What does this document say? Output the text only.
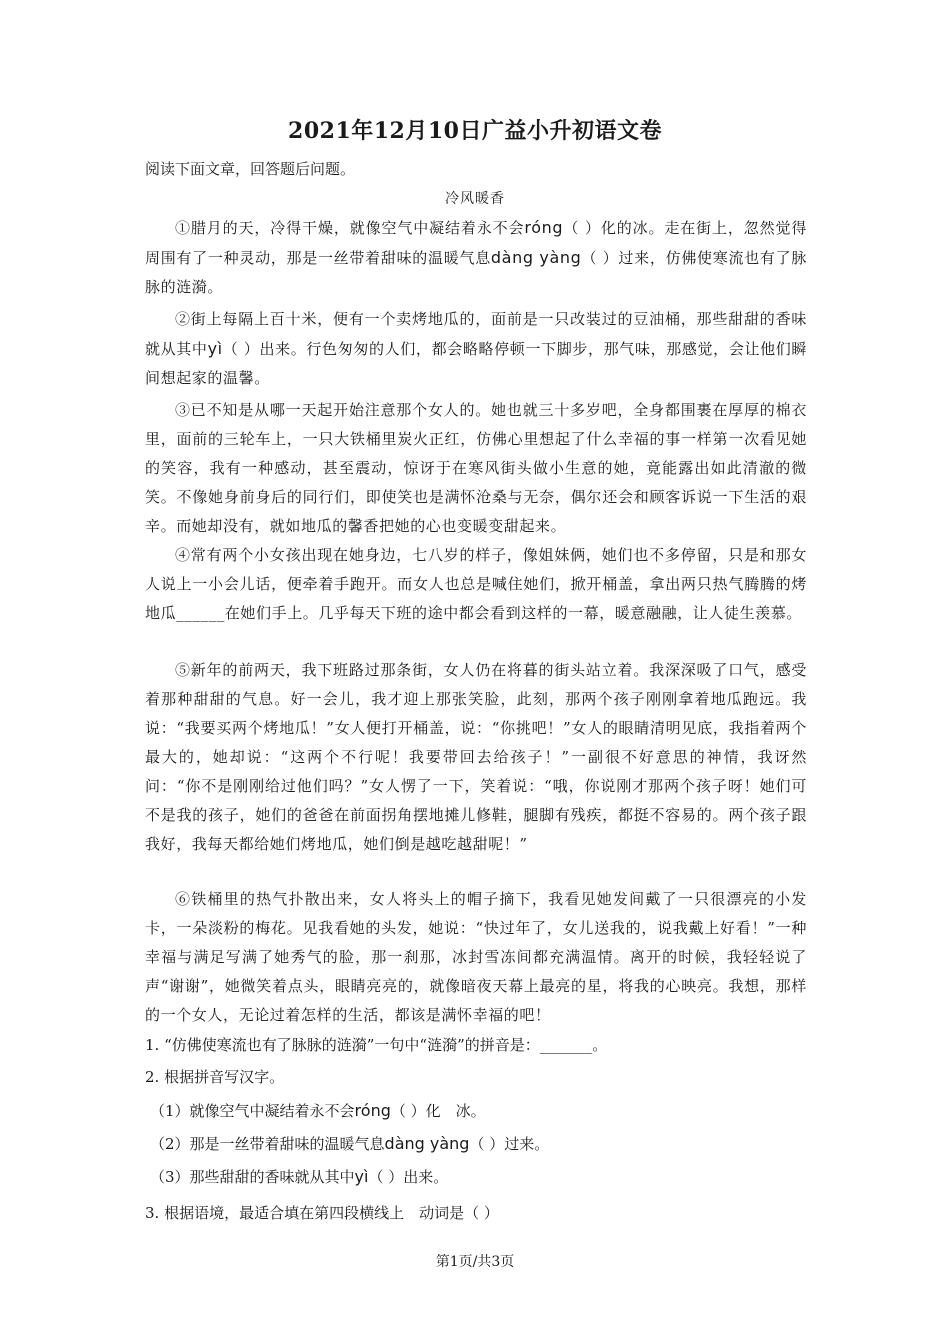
2021年12月10日广益小升初语文卷
阅读下面文章，回答题后问题。
冷风暖香

①腊月的天，冷得干燥，就像空气中凝结着永不会róng（ ）化的冰。走在街上，忽然觉得周围有了一种灵动，那是一丝带着甜味的温暖气息dàng yàng（ ）过来，仿佛使寒流也有了脉脉的涟漪。

②街上每隔上百十米，便有一个卖烤地瓜的，面前是一只改装过的豆油桶，那些甜甜的香味就从其中yì（ ）出来。行色匆匆的人们，都会略略停顿一下脚步，那气味，那感觉，会让他们瞬间想起家的温馨。

③已不知是从哪一天起开始注意那个女人的。她也就三十多岁吧，全身都围裹在厚厚的棉衣里，面前的三轮车上，一只大铁桶里炭火正红，仿佛心里想起了什么幸福的事一样第一次看见她的笑容，我有一种感动，甚至震动，惊讶于在寒风街头做小生意的她，竟能露出如此清澈的微笑。不像她身前身后的同行们，即使笑也是满怀沧桑与无奈，偶尔还会和顾客诉说一下生活的艰辛。而她却没有，就如地瓜的馨香把她的心也变暖变甜起来。

④常有两个小女孩出现在她身边，七八岁的样子，像姐妹俩，她们也不多停留，只是和那女人说上一小会儿话，便牵着手跑开。而女人也总是喊住她们，掀开桶盖，拿出两只热气腾腾的烤地瓜______在她们手上。几乎每天下班的途中都会看到这样的一幕，暖意融融，让人徒生羡慕。

⑤新年的前两天，我下班路过那条街，女人仍在将暮的街头站立着。我深深吸了口气，感受着那种甜甜的气息。好一会儿，我才迎上那张笑脸，此刻，那两个孩子刚刚拿着地瓜跑远。我说：“我要买两个烤地瓜！”女人便打开桶盖，说：“你挑吧！”女人的眼睛清明见底，我指着两个最大的，她却说：“这两个不行呢！我要带回去给孩子！”一副很不好意思的神情，我讶然问：“你不是刚刚给过他们吗？”女人愣了一下，笑着说：“哦，你说刚才那两个孩子呀！她们可不是我的孩子，她们的爸爸在前面拐角摆地摊儿修鞋，腿脚有残疾，都挺不容易的。两个孩子跟我好，我每天都给她们烤地瓜，她们倒是越吃越甜呢！”

⑥铁桶里的热气扑散出来，女人将头上的帽子摘下，我看见她发间戴了一只很漂亮的小发卡，一朵淡粉的梅花。见我看她的头发，她说：“快过年了，女儿送我的，说我戴上好看！”一种幸福与满足写满了她秀气的脸，那一刹那，冰封雪冻间都充满温情。离开的时候，我轻轻说了声“谢谢”，她微笑着点头，眼睛亮亮的，就像暗夜天幕上最亮的星，将我的心映亮。我想，那样的一个女人，无论过着怎样的生活，都该是满怀幸福的吧！

1. “仿佛使寒流也有了脉脉的涟漪”一句中“涟漪”的拼音是：_______。

2. 根据拼音写汉字。

（1）就像空气中凝结着永不会róng（ ）化　冰。

（2）那是一丝带着甜味的温暖气息dàng yàng（ ）过来。

（3）那些甜甜的香味就从其中yì（ ）出来。

3. 根据语境，最适合填在第四段横线上　动词是（ ）

第1页/共3页
